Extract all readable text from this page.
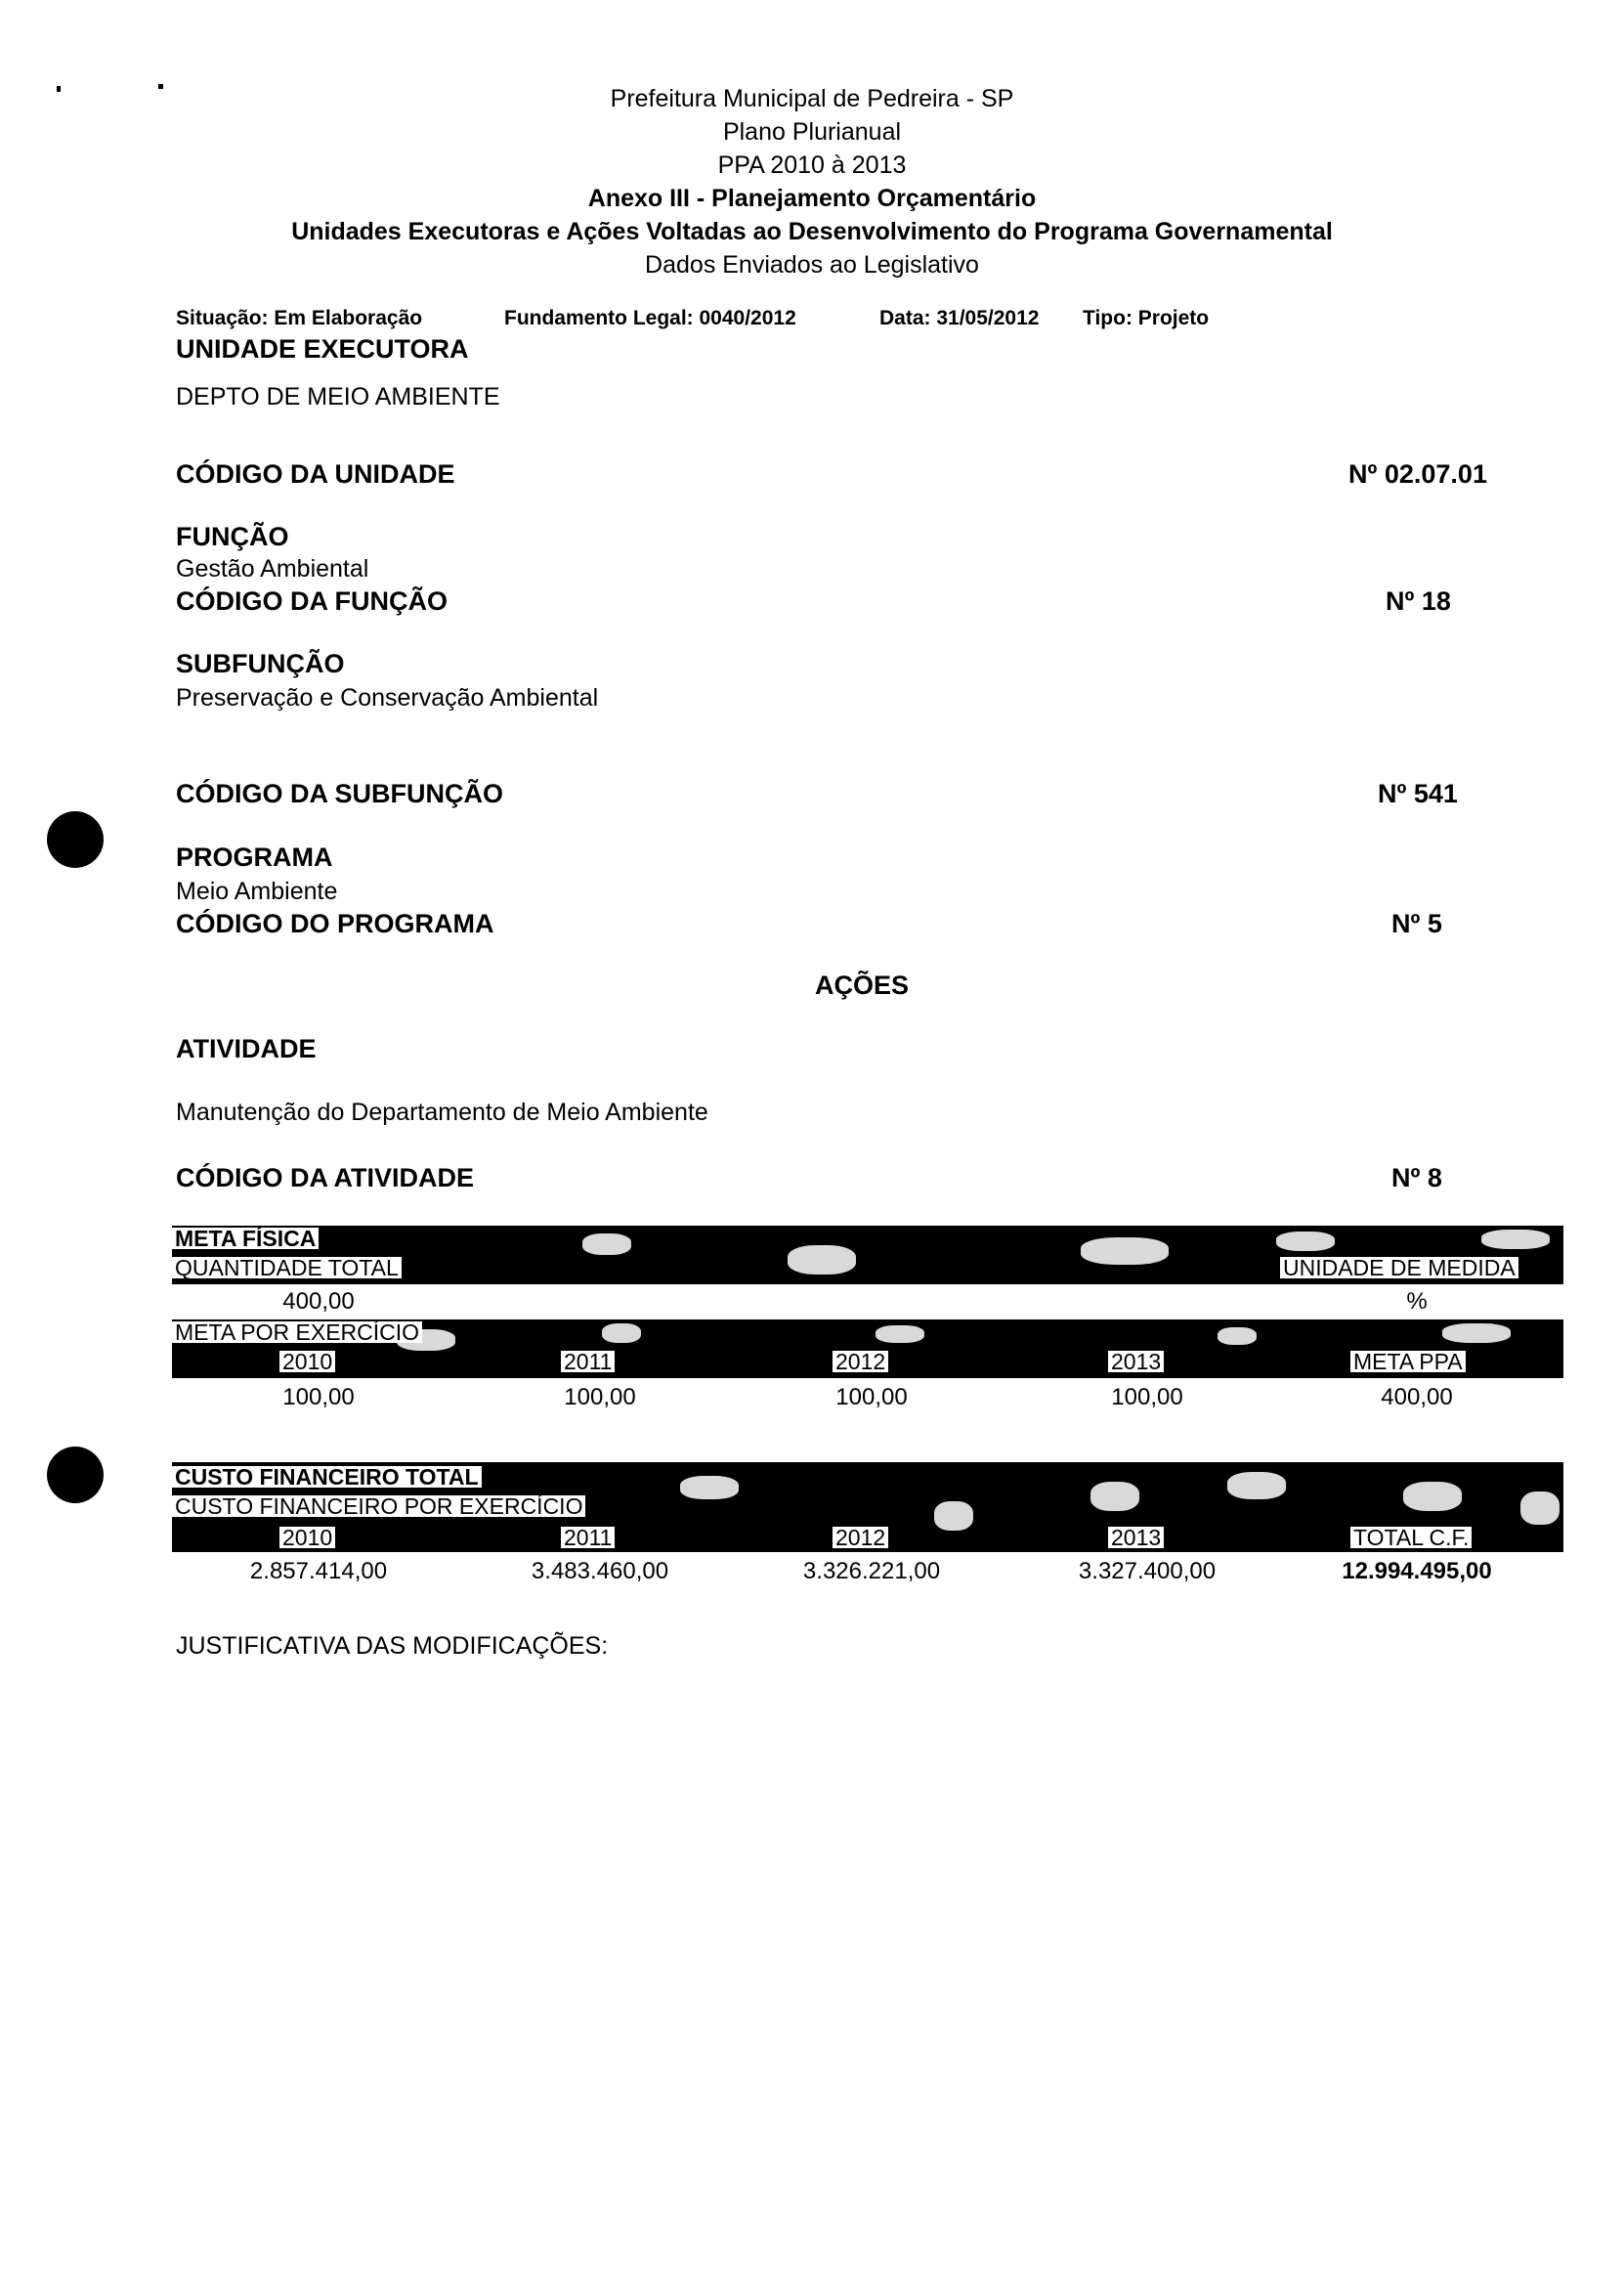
Prefeitura Municipal de Pedreira - SP
Plano Plurianual
PPA 2010 à 2013
Anexo III - Planejamento Orçamentário
Unidades Executoras e Ações Voltadas ao Desenvolvimento do Programa Governamental
Dados Enviados ao Legislativo
Situação: Em Elaboração	Fundamento Legal: 0040/2012	Data: 31/05/2012 Tipo: Projeto
UNIDADE EXECUTORA
DEPTO DE MEIO AMBIENTE
CÓDIGO DA UNIDADE	Nº 02.07.01
FUNÇÃO
Gestão Ambiental
CÓDIGO DA FUNÇÃO	Nº 18
SUBFUNÇÃO
Preservação e Conservação Ambiental
CÓDIGO DA SUBFUNÇÃO	Nº 541
PROGRAMA
Meio Ambiente
CÓDIGO DO PROGRAMA	Nº 5
AÇÕES
ATIVIDADE
Manutenção do Departamento de Meio Ambiente
CÓDIGO DA ATIVIDADE	Nº 8
META FÍSICA
QUANTIDADE TOTAL	UNIDADE DE MEDIDA
400,00	%
META POR EXERCÍCIO
2010	2011	2012	2013	META PPA
100,00	100,00	100,00	100,00	400,00
CUSTO FINANCEIRO TOTAL
CUSTO FINANCEIRO POR EXERCÍCIO
2010	2011	2012	2013	TOTAL C.F.
2.857.414,00	3.483.460,00	3.326.221,00	3.327.400,00	12.994.495,00
JUSTIFICATIVA DAS MODIFICAÇÕES:
